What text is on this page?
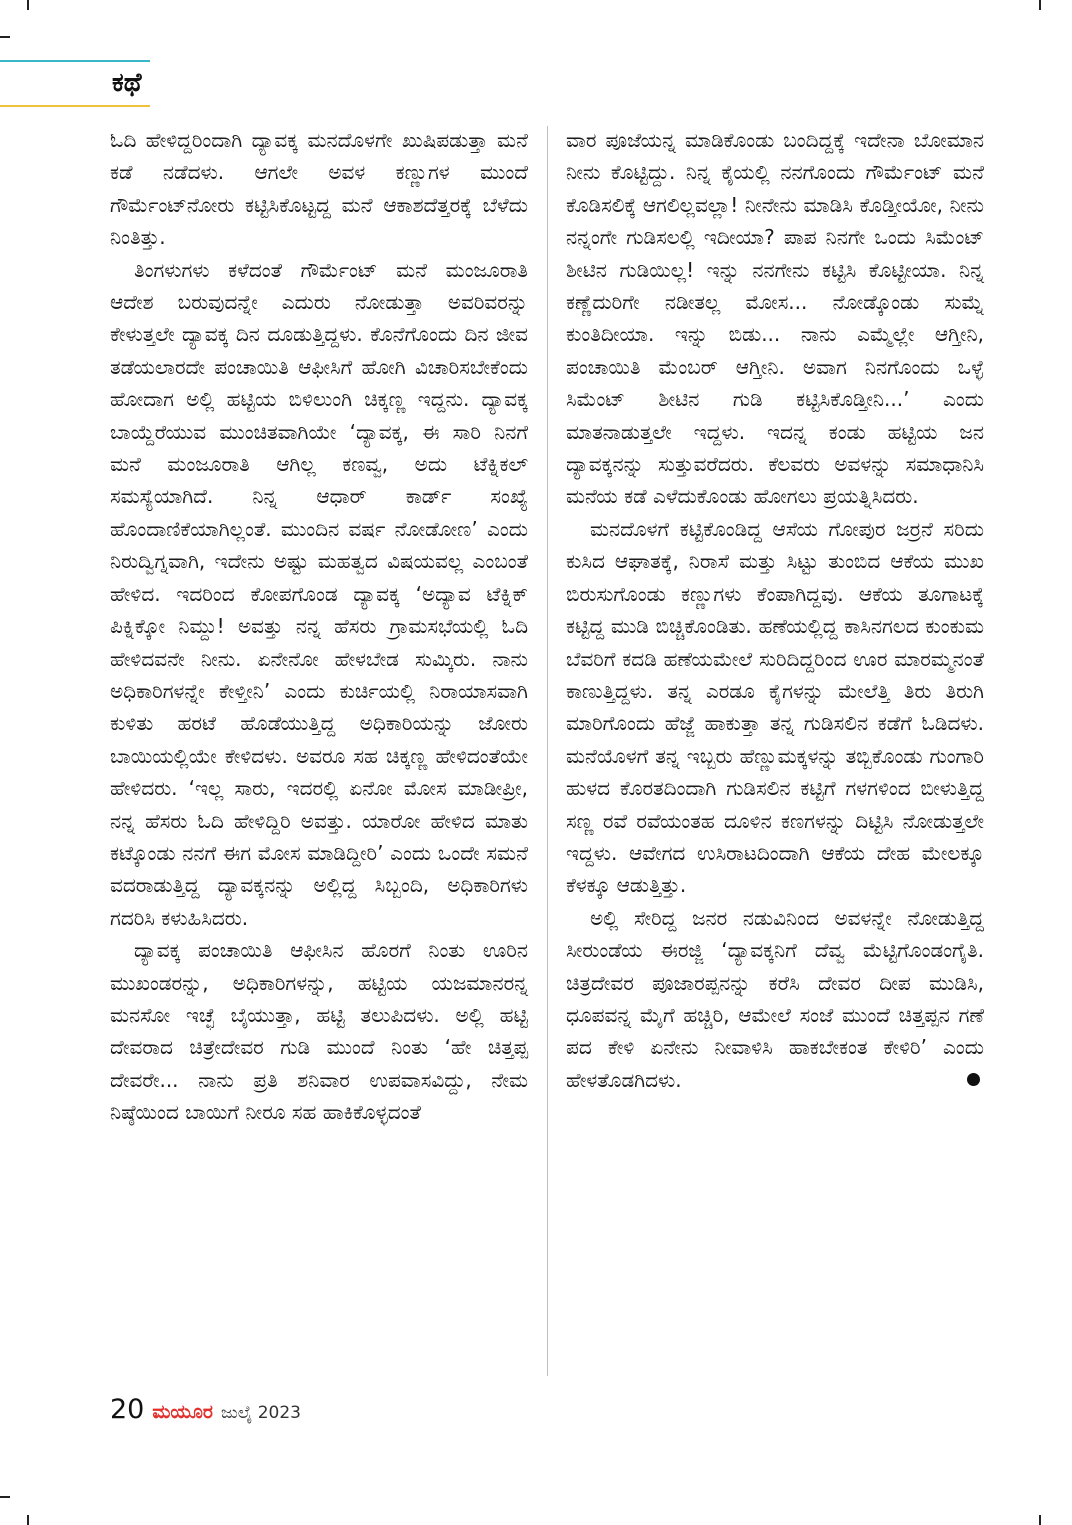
ಕಥೆ

ಓದಿ ಹೇಳಿದ್ದರಿಂದಾಗಿ ದ್ಯಾವಕ್ಕ ಮನದೊಳಗೇ ಖುಷಿಪಡುತ್ತಾ ಮನೆ ಕಡೆ ನಡೆದಳು. ಆಗಲೇ ಅವಳ ಕಣ್ಣುಗಳ ಮುಂದೆ ಗೌರ್ಮೆಂಟ್‌ನೋರು ಕಟ್ಟಿಸಿಕೊಟ್ಟದ್ದ ಮನೆ ಆಕಾಶದೆತ್ತರಕ್ಕೆ ಬೆಳೆದು ನಿಂತಿತ್ತು.

ತಿಂಗಳುಗಳು ಕಳೆದಂತೆ ಗೌರ್ಮೆಂಟ್ ಮನೆ ಮಂಜೂರಾತಿ ಆದೇಶ ಬರುವುದನ್ನೇ ಎದುರು ನೋಡುತ್ತಾ ಅವರಿವರನ್ನು ಕೇಳುತ್ತಲೇ ದ್ಯಾವಕ್ಕ ದಿನ ದೂಡುತ್ತಿದ್ದಳು. ಕೊನೆಗೊಂದು ದಿನ ಜೀವ ತಡೆಯಲಾರದೇ ಪಂಚಾಯಿತಿ ಆಫೀಸಿಗೆ ಹೋಗಿ ವಿಚಾರಿಸಬೇಕೆಂದು ಹೋದಾಗ ಅಲ್ಲಿ ಹಟ್ಟಿಯ ಬಿಳಿಲುಂಗಿ ಚಿಕ್ಕಣ್ಣ ಇದ್ದನು. ದ್ಯಾವಕ್ಕ ಬಾಯ್ದೆರೆಯುವ ಮುಂಚಿತವಾಗಿಯೇ ‘ದ್ಯಾವಕ್ಕ, ಈ ಸಾರಿ ನಿನಗೆ ಮನೆ ಮಂಜೂರಾತಿ ಆಗಿಲ್ಲ ಕಣವ್ವ, ಅದು ಟೆಕ್ನಿಕಲ್ ಸಮಸ್ಯೆಯಾಗಿದೆ. ನಿನ್ನ ಆಧಾರ್ ಕಾರ್ಡ್ ಸಂಖ್ಯೆ ಹೊಂದಾಣಿಕೆಯಾಗಿಲ್ಲಂತೆ. ಮುಂದಿನ ವರ್ಷ ನೋಡೋಣ’ ಎಂದು ನಿರುದ್ವಿಗ್ನವಾಗಿ, ಇದೇನು ಅಷ್ಟು ಮಹತ್ವದ ವಿಷಯವಲ್ಲ ಎಂಬಂತೆ ಹೇಳಿದ. ಇದರಿಂದ ಕೋಪಗೊಂಡ ದ್ಯಾವಕ್ಕ ‘ಅದ್ಯಾವ ಟೆಕ್ನಿಕ್ ಪಿಕ್ನಿಕ್ಕೋ ನಿಮ್ದು! ಅವತ್ತು ನನ್ನ ಹೆಸರು ಗ್ರಾಮಸಭೆಯಲ್ಲಿ ಓದಿ ಹೇಳಿದವನೇ ನೀನು. ಏನೇನೋ ಹೇಳಬೇಡ ಸುಮ್ಕಿರು. ನಾನು ಅಧಿಕಾರಿಗಳನ್ನೇ ಕೇಳ್ತೀನಿ’ ಎಂದು ಕುರ್ಚಿಯಲ್ಲಿ ನಿರಾಯಾಸವಾಗಿ ಕುಳಿತು ಹರಟೆ ಹೊಡೆಯುತ್ತಿದ್ದ ಅಧಿಕಾರಿಯನ್ನು ಜೋರು ಬಾಯಿಯಲ್ಲಿಯೇ ಕೇಳಿದಳು. ಅವರೂ ಸಹ ಚಿಕ್ಕಣ್ಣ ಹೇಳಿದಂತೆಯೇ ಹೇಳಿದರು. ‘ಇಲ್ಲ ಸಾರು, ಇದರಲ್ಲಿ ಏನೋ ಮೋಸ ಮಾಡೀಪ್ರೀ, ನನ್ನ ಹೆಸರು ಓದಿ ಹೇಳಿದ್ದಿರಿ ಅವತ್ತು. ಯಾರೋ ಹೇಳಿದ ಮಾತು ಕಟ್ಕೊಂಡು ನನಗೆ ಈಗ ಮೋಸ ಮಾಡಿದ್ದೀರಿ’ ಎಂದು ಒಂದೇ ಸಮನೆ ವದರಾಡುತ್ತಿದ್ದ ದ್ಯಾವಕ್ಕನನ್ನು ಅಲ್ಲಿದ್ದ ಸಿಬ್ಬಂದಿ, ಅಧಿಕಾರಿಗಳು ಗದರಿಸಿ ಕಳುಹಿಸಿದರು.

ದ್ಯಾವಕ್ಕ ಪಂಚಾಯಿತಿ ಆಫೀಸಿನ ಹೊರಗೆ ನಿಂತು ಊರಿನ ಮುಖಂಡರನ್ನು, ಅಧಿಕಾರಿಗಳನ್ನು, ಹಟ್ಟಿಯ ಯಜಮಾನರನ್ನ ಮನಸೋ ಇಚ್ಛೆ ಬೈಯುತ್ತಾ, ಹಟ್ಟಿ ತಲುಪಿದಳು. ಅಲ್ಲಿ ಹಟ್ಟಿ ದೇವರಾದ ಚಿತ್ರೇದೇವರ ಗುಡಿ ಮುಂದೆ ನಿಂತು ‘ಹೇ ಚಿತ್ತಪ್ಪ ದೇವರೇ... ನಾನು ಪ್ರತಿ ಶನಿವಾರ ಉಪವಾಸವಿದ್ದು, ನೇಮ ನಿಷ್ಠೆಯಿಂದ ಬಾಯಿಗೆ ನೀರೂ ಸಹ ಹಾಕಿಕೊಳ್ಳದಂತೆ

ವಾರ ಪೂಜೆಯನ್ನ ಮಾಡಿಕೊಂಡು ಬಂದಿದ್ದಕ್ಕೆ ಇದೇನಾ ಬೋಮಾನ ನೀನು ಕೊಟ್ಟಿದ್ದು. ನಿನ್ನ ಕೈಯಲ್ಲಿ ನನಗೊಂದು ಗೌರ್ಮೆಂಟ್ ಮನೆ ಕೊಡಿಸಲಿಕ್ಕೆ ಆಗಲಿಲ್ಲವಲ್ಲಾ! ನೀನೇನು ಮಾಡಿಸಿ ಕೊಡ್ತೀಯೋ, ನೀನು ನನ್ನಂಗೇ ಗುಡಿಸಲಲ್ಲಿ ಇದೀಯಾ? ಪಾಪ ನಿನಗೇ ಒಂದು ಸಿಮೆಂಟ್ ಶೀಟಿನ ಗುಡಿಯಿಲ್ಲ! ಇನ್ನು ನನಗೇನು ಕಟ್ಟಿಸಿ ಕೊಟ್ಟೀಯಾ. ನಿನ್ನ ಕಣ್ಣೆದುರಿಗೇ ನಡೀತಲ್ಲ ಮೋಸ... ನೋಡ್ಕೊಂಡು ಸುಮ್ನೆ ಕುಂತಿದೀಯಾ. ಇನ್ನು ಬಿಡು... ನಾನು ಎಮ್ಮೆಲ್ಲೇ ಆಗ್ತೀನಿ, ಪಂಚಾಯಿತಿ ಮೆಂಬರ್ ಆಗ್ತೀನಿ. ಅವಾಗ ನಿನಗೊಂದು ಒಳ್ಳೆ ಸಿಮೆಂಟ್ ಶೀಟಿನ ಗುಡಿ ಕಟ್ಟಿಸಿಕೊಡ್ತೀನಿ...’ ಎಂದು ಮಾತನಾಡುತ್ತಲೇ ಇದ್ದಳು. ಇದನ್ನ ಕಂಡು ಹಟ್ಟಿಯ ಜನ ದ್ಯಾವಕ್ಕನನ್ನು ಸುತ್ತುವರೆದರು. ಕೆಲವರು ಅವಳನ್ನು ಸಮಾಧಾನಿಸಿ ಮನೆಯ ಕಡೆ ಎಳೆದುಕೊಂಡು ಹೋಗಲು ಪ್ರಯತ್ನಿಸಿದರು.

ಮನದೊಳಗೆ ಕಟ್ಟಿಕೊಂಡಿದ್ದ ಆಸೆಯ ಗೋಪುರ ಜರ್ರನೆ ಸರಿದು ಕುಸಿದ ಆಘಾತಕ್ಕೆ, ನಿರಾಸೆ ಮತ್ತು ಸಿಟ್ಟು ತುಂಬಿದ ಆಕೆಯ ಮುಖ ಬಿರುಸುಗೊಂಡು ಕಣ್ಣುಗಳು ಕೆಂಪಾಗಿದ್ದವು. ಆಕೆಯ ತೂಗಾಟಕ್ಕೆ ಕಟ್ಟಿದ್ದ ಮುಡಿ ಬಿಚ್ಚಿಕೊಂಡಿತು. ಹಣೆಯಲ್ಲಿದ್ದ ಕಾಸಿನಗಲದ ಕುಂಕುಮ ಬೆವರಿಗೆ ಕದಡಿ ಹಣೆಯಮೇಲೆ ಸುರಿದಿದ್ದರಿಂದ ಊರ ಮಾರಮ್ಮನಂತೆ ಕಾಣುತ್ತಿದ್ದಳು. ತನ್ನ ಎರಡೂ ಕೈಗಳನ್ನು ಮೇಲೆತ್ತಿ ತಿರು ತಿರುಗಿ ಮಾರಿಗೊಂದು ಹೆಜ್ಜೆ ಹಾಕುತ್ತಾ ತನ್ನ ಗುಡಿಸಲಿನ ಕಡೆಗೆ ಓಡಿದಳು. ಮನೆಯೊಳಗೆ ತನ್ನ ಇಬ್ಬರು ಹೆಣ್ಣುಮಕ್ಕಳನ್ನು ತಬ್ಬಿಕೊಂಡು ಗುಂಗಾರಿ ಹುಳದ ಕೊರತದಿಂದಾಗಿ ಗುಡಿಸಲಿನ ಕಟ್ಟಿಗೆ ಗಳಗಳಿಂದ ಬೀಳುತ್ತಿದ್ದ ಸಣ್ಣ ರವೆ ರವೆಯಂತಹ ದೂಳಿನ ಕಣಗಳನ್ನು ದಿಟ್ಟಿಸಿ ನೋಡುತ್ತಲೇ ಇದ್ದಳು. ಆವೇಗದ ಉಸಿರಾಟದಿಂದಾಗಿ ಆಕೆಯ ದೇಹ ಮೇಲಕ್ಕೂ ಕೆಳಕ್ಕೂ ಆಡುತ್ತಿತ್ತು.

ಅಲ್ಲಿ ಸೇರಿದ್ದ ಜನರ ನಡುವಿನಿಂದ ಅವಳನ್ನೇ ನೋಡುತ್ತಿದ್ದ ಸೀರುಂಡೆಯ ಈರಜ್ಜಿ ‘ದ್ಯಾವಕ್ಕನಿಗೆ ದೆವ್ವ ಮೆಟ್ಟಿಗೊಂಡಂಗೈತಿ. ಚಿತ್ರದೇವರ ಪೂಜಾರಪ್ಪನನ್ನು ಕರೆಸಿ ದೇವರ ದೀಪ ಮುಡಿಸಿ, ಧೂಪವನ್ನ ಮೈಗೆ ಹಚ್ಚಿರಿ, ಆಮೇಲೆ ಸಂಜೆ ಮುಂದೆ ಚಿತ್ತಪ್ಪನ ಗಣೆ ಪದ ಕೇಳಿ ಏನೇನು ನೀವಾಳಿಸಿ ಹಾಕಬೇಕಂತ ಕೇಳಿರಿ’ ಎಂದು ಹೇಳತೊಡಗಿದಳು.

20 ಮಯೂರ ಜುಲೈ 2023
